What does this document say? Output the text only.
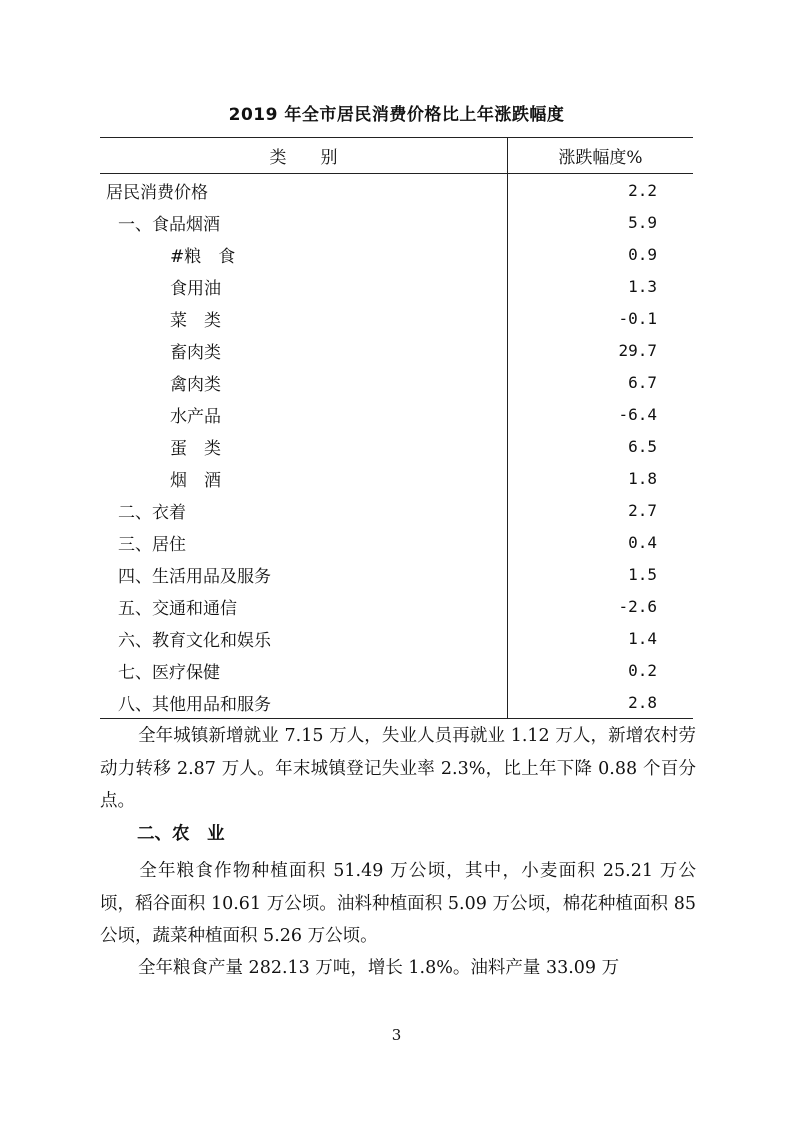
2019 年全市居民消费价格比上年涨跌幅度
类　　别	涨跌幅度%
居民消费价格	2.2
一、食品烟酒	5.9
#粮　食	0.9
食用油	1.3
菜　类	-0.1
畜肉类	29.7
禽肉类	6.7
水产品	-6.4
蛋　类	6.5
烟　酒	1.8
二、衣着	2.7
三、居住	0.4
四、生活用品及服务	1.5
五、交通和通信	-2.6
六、教育文化和娱乐	1.4
七、医疗保健	0.2
八、其他用品和服务	2.8

全年城镇新增就业 7.15 万人，失业人员再就业 1.12 万人，新增农村劳动力转移 2.87 万人。年末城镇登记失业率 2.3%，比上年下降 0.88 个百分点。

二、农　业

全年粮食作物种植面积 51.49 万公顷，其中，小麦面积 25.21 万公顷，稻谷面积 10.61 万公顷。油料种植面积 5.09 万公顷，棉花种植面积 85 公顷，蔬菜种植面积 5.26 万公顷。

全年粮食产量 282.13 万吨，增长 1.8%。油料产量 33.09 万

3
